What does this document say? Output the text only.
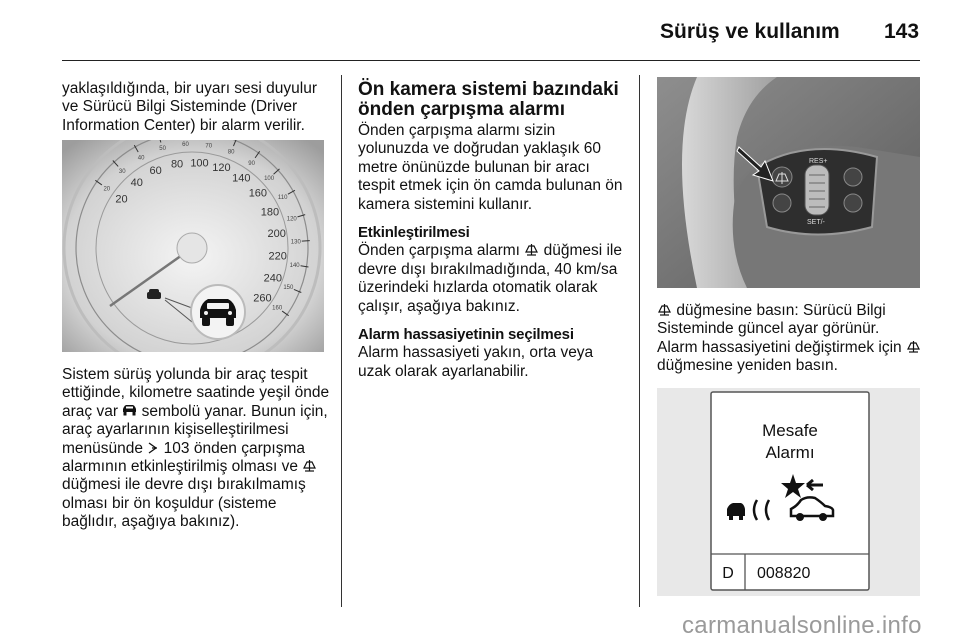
Sürüş ve kullanım 143

yaklaşıldığında, bir uyarı sesi duyulur ve Sürücü Bilgi Sisteminde (Driver Information Center) bir alarm verilir.

20
30
40
50
60	70
80
90
100
110
120
130
140
150
160
20
40
60
80 100 120
140
160
180
200
220
240
260

Sistem sürüş yolunda bir araç tespit ettiğinde, kilometre saatinde yeşil önde araç var sembolü yanar. Bunun için, araç ayarlarının kişiselleştirilmesi menüsünde 103 önden çarpışma alarmının etkinleştirilmiş olması ve  düğmesi ile devre dışı bırakılmamış olması bir ön koşuldur (sisteme bağlıdır, aşağıya bakınız).

Ön kamera sistemi bazındaki önden çarpışma alarmı

Önden çarpışma alarmı sizin yolunuzda ve doğrudan yaklaşık 60 metre önünüzde bulunan bir aracı tespit etmek için ön camda bulunan ön kamera sistemini kullanır.

Etkinleştirilmesi

Önden çarpışma alarmı düğmesi ile devre dışı bırakılmadığında, 40 km/sa üzerindeki hızlarda otomatik olarak çalışır, aşağıya bakınız.

Alarm hassasiyetinin seçilmesi

Alarm hassasiyeti yakın, orta veya uzak olarak ayarlanabilir.

RES+
SET/-

düğmesine basın: Sürücü Bilgi Sisteminde güncel ayar görünür. Alarm hassasiyetini değiştirmek için  düğmesine yeniden basın.

Mesafe
Alarmı
D 008820
carmanualsonline.info
